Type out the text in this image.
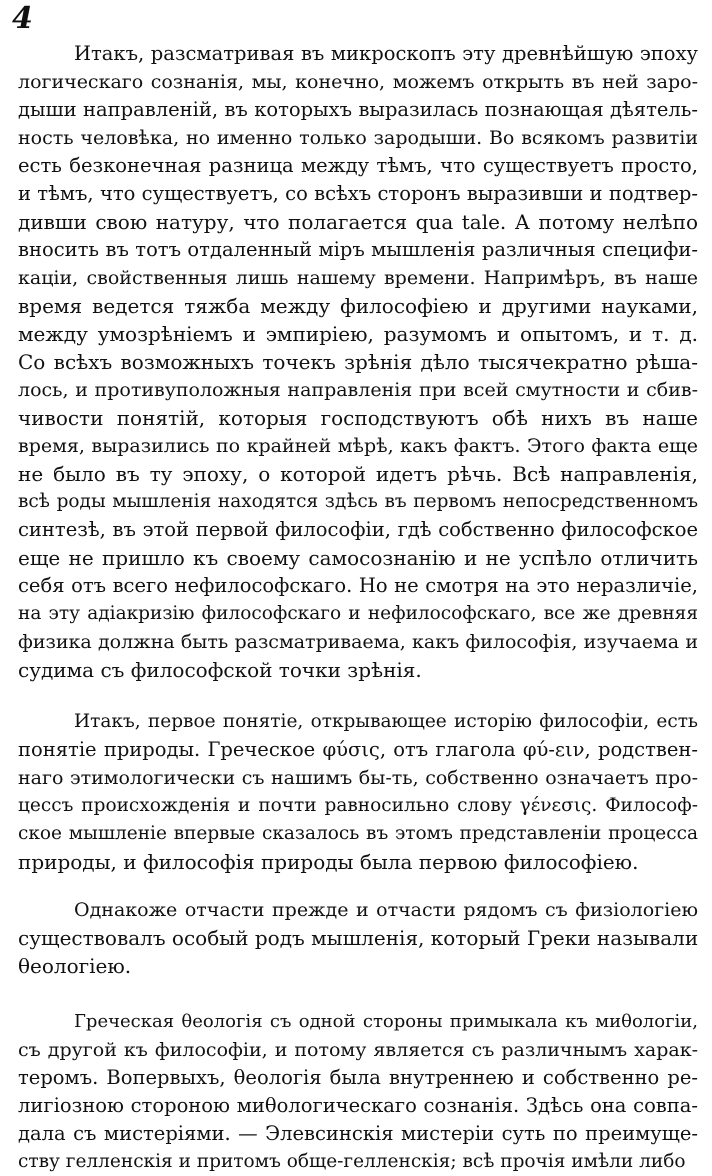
4
Итакъ, разсматривая въ микроскопъ эту древнѣйшую эпоху
логическаго сознанія, мы, конечно, можемъ открыть въ ней заро-
дыши направленій, въ которыхъ выразилась познающая дѣятель-
ность человѣка, но именно только зародыши. Во всякомъ развитіи
есть безконечная разница между тѣмъ, что существуетъ просто,
и тѣмъ, что существуетъ, со всѣхъ сторонъ выразивши и подтвер-
дивши свою натуру, что полагается qua tale. А потому нелѣпо
вносить въ тотъ отдаленный міръ мышленія различныя специфи-
каціи, свойственныя лишь нашему времени. Напримѣръ, въ наше
время ведется тяжба между философіею и другими науками,
между умозрѣніемъ и эмпиріею, разумомъ и опытомъ, и т. д.
Со всѣхъ возможныхъ точекъ зрѣнія дѣло тысячекратно рѣша-
лось, и противуположныя направленія при всей смутности и сбив-
чивости понятій, которыя господствуютъ обѣ нихъ въ наше
время, выразились по крайней мѣрѣ, какъ фактъ. Этого факта еще
не было въ ту эпоху, о которой идетъ рѣчь. Всѣ направленія,
всѣ роды мышленія находятся здѣсь въ первомъ непосредственномъ
синтезѣ, въ этой первой философіи, гдѣ собственно философское
еще не пришло къ своему самосознанію и не успѣло отличить
себя отъ всего нефилософскаго. Но не смотря на это неразличіе,
на эту адіакризію философскаго и нефилософскаго, все же древняя
физика должна быть разсматриваема, какъ философія, изучаема и
судима съ философской точки зрѣнія.
Итакъ, первое понятіе, открывающее исторію философіи, есть
понятіе природы. Греческое φύσις, отъ глагола φύ-ειν, родствен-
наго этимологически съ нашимъ бы-ть, собственно означаетъ про-
цессъ происхожденія и почти равносильно слову γένεσις. Философ-
ское мышленіе впервые сказалось въ этомъ представленіи процесса
природы, и философія природы была первою философіею.
Однакоже отчасти прежде и отчасти рядомъ съ физіологіею
существовалъ особый родъ мышленія, который Греки называли
θеологіею.
Греческая θеологія съ одной стороны примыкала къ миθологіи,
съ другой къ философіи, и потому является съ различнымъ харак-
теромъ. Вопервыхъ, θеологія была внутреннею и собственно ре-
лигіозною стороною миθологическаго сознанія. Здѣсь она совпа-
дала съ мистеріями. — Элевсинскія мистеріи суть по преимуще-
ству гелленскія и притомъ обще-гелленскія; всѣ прочія имѣли либо
